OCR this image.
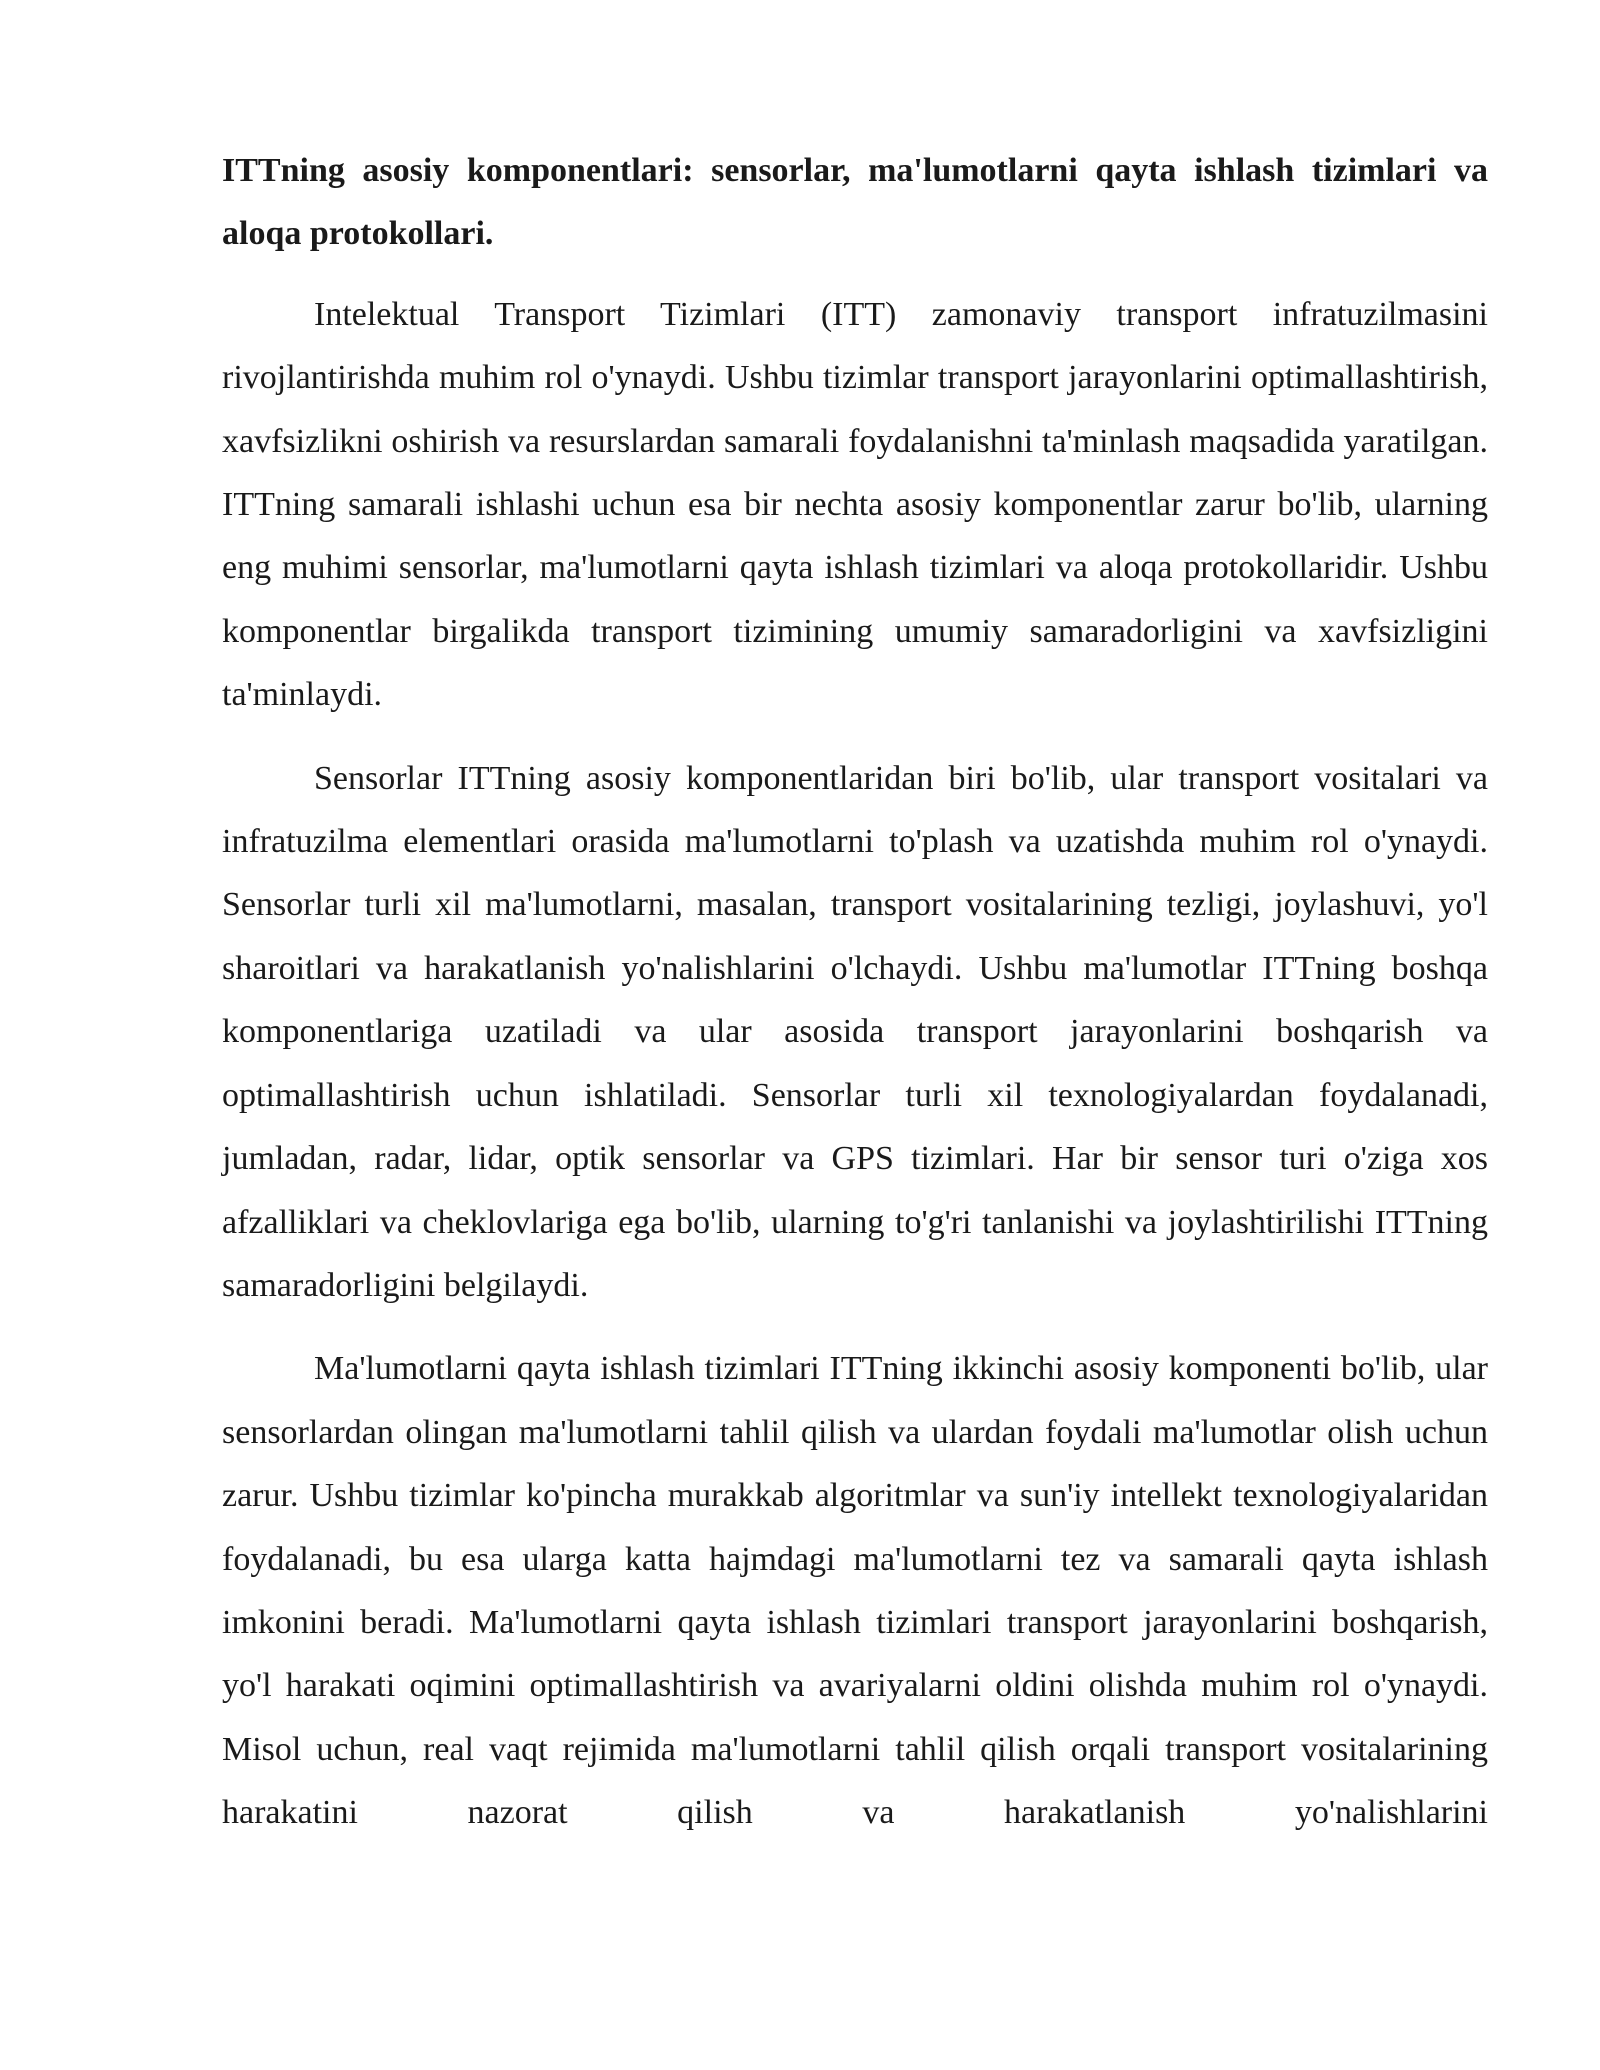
ITTning asosiy komponentlari: sensorlar, ma'lumotlarni qayta ishlash tizimlari va aloqa protokollari.

Intelektual Transport Tizimlari (ITT) zamonaviy transport infratuzilmasini rivojlantirishda muhim rol o'ynaydi. Ushbu tizimlar transport jarayonlarini optimallashtirish, xavfsizlikni oshirish va resurslardan samarali foydalanishni ta'minlash maqsadida yaratilgan. ITTning samarali ishlashi uchun esa bir nechta asosiy komponentlar zarur bo'lib, ularning eng muhimi sensorlar, ma'lumotlarni qayta ishlash tizimlari va aloqa protokollaridir. Ushbu komponentlar birgalikda transport tizimining umumiy samaradorligini va xavfsizligini ta'minlaydi.

Sensorlar ITTning asosiy komponentlaridan biri bo'lib, ular transport vositalari va infratuzilma elementlari orasida ma'lumotlarni to'plash va uzatishda muhim rol o'ynaydi. Sensorlar turli xil ma'lumotlarni, masalan, transport vositalarining tezligi, joylashuvi, yo'l sharoitlari va harakatlanish yo'nalishlarini o'lchaydi. Ushbu ma'lumotlar ITTning boshqa komponentlariga uzatiladi va ular asosida transport jarayonlarini boshqarish va optimallashtirish uchun ishlatiladi. Sensorlar turli xil texnologiyalardan foydalanadi, jumladan, radar, lidar, optik sensorlar va GPS tizimlari. Har bir sensor turi o'ziga xos afzalliklari va cheklovlariga ega bo'lib, ularning to'g'ri tanlanishi va joylashtirilishi ITTning samaradorligini belgilaydi.

Ma'lumotlarni qayta ishlash tizimlari ITTning ikkinchi asosiy komponenti bo'lib, ular sensorlardan olingan ma'lumotlarni tahlil qilish va ulardan foydali ma'lumotlar olish uchun zarur. Ushbu tizimlar ko'pincha murakkab algoritmlar va sun'iy intellekt texnologiyalaridan foydalanadi, bu esa ularga katta hajmdagi ma'lumotlarni tez va samarali qayta ishlash imkonini beradi. Ma'lumotlarni qayta ishlash tizimlari transport jarayonlarini boshqarish, yo'l harakati oqimini optimallashtirish va avariyalarni oldini olishda muhim rol o'ynaydi. Misol uchun, real vaqt rejimida ma'lumotlarni tahlil qilish orqali transport vositalarining harakatini nazorat qilish va harakatlanish yo'nalishlarini
